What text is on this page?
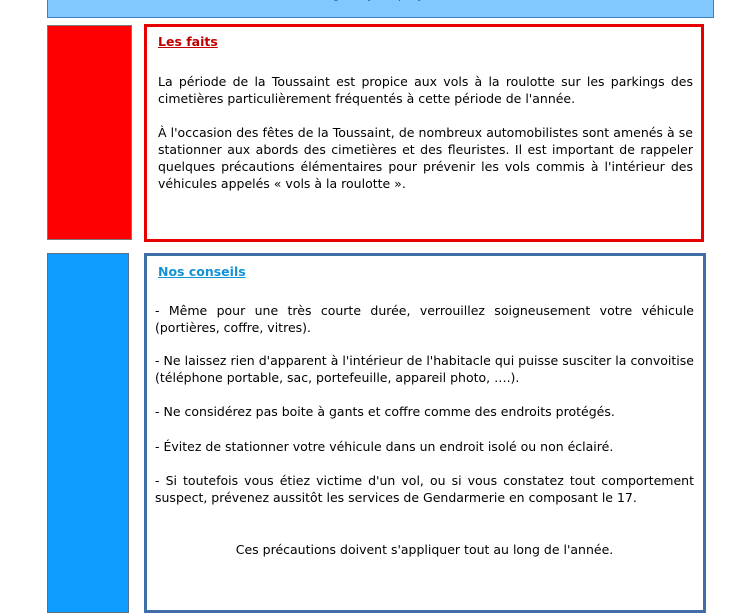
Les faits

La période de la Toussaint est propice aux vols à la roulotte sur les parkings des cimetières particulièrement fréquentés à cette période de l'année.

À l'occasion des fêtes de la Toussaint, de nombreux automobilistes sont amenés à se stationner aux abords des cimetières et des fleuristes. Il est important de rappeler quelques précautions élémentaires pour prévenir les vols commis à l'intérieur des véhicules appelés « vols à la roulotte ».

Nos conseils

- Même pour une très courte durée, verrouillez soigneusement votre véhicule (portières, coffre, vitres).

- Ne laissez rien d'apparent à l'intérieur de l'habitacle qui puisse susciter la convoitise (téléphone portable, sac, portefeuille, appareil photo, ….).

- Ne considérez pas boite à gants et coffre comme des endroits protégés.

- Évitez de stationner votre véhicule dans un endroit isolé ou non éclairé.

- Si toutefois vous étiez victime d'un vol, ou si vous constatez tout comportement suspect, prévenez aussitôt les services de Gendarmerie en composant le 17.

Ces précautions doivent s'appliquer tout au long de l'année.
